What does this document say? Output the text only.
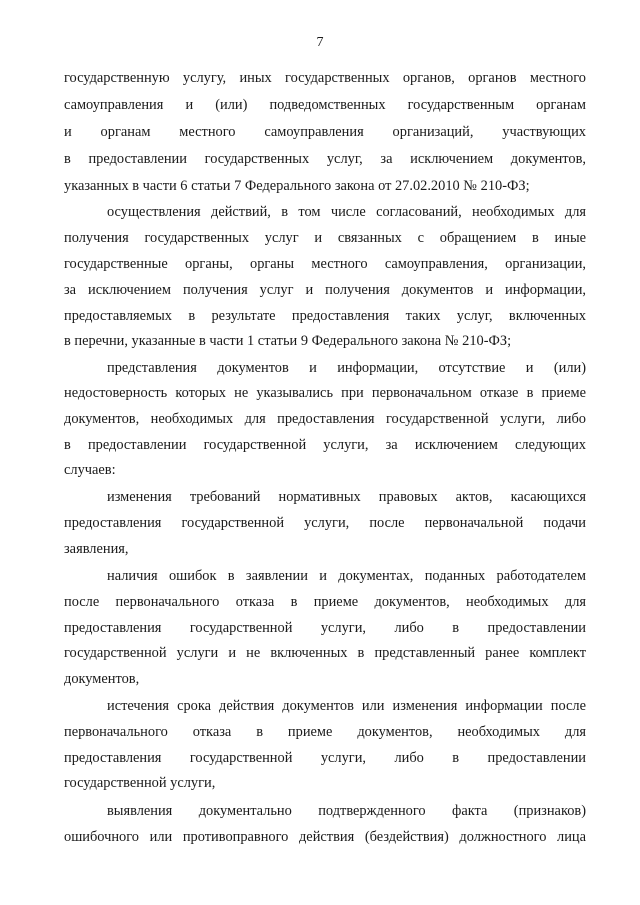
7
государственную услугу, иных государственных органов, органов местного
самоуправления и (или) подведомственных государственным органам
и органам местного самоуправления организаций, участвующих
в предоставлении государственных услуг, за исключением документов,
указанных в части 6 статьи 7 Федерального закона от 27.02.2010 № 210-ФЗ;
осуществления действий, в том числе согласований, необходимых для
получения государственных услуг и связанных с обращением в иные
государственные органы, органы местного самоуправления, организации,
за исключением получения услуг и получения документов и информации,
предоставляемых в результате предоставления таких услуг, включенных
в перечни, указанные в части 1 статьи 9 Федерального закона № 210-ФЗ;
представления документов и информации, отсутствие и (или)
недостоверность которых не указывались при первоначальном отказе в приеме
документов, необходимых для предоставления государственной услуги, либо
в предоставлении государственной услуги, за исключением следующих
случаев:
изменения требований нормативных правовых актов, касающихся
предоставления государственной услуги, после первоначальной подачи
заявления,
наличия ошибок в заявлении и документах, поданных работодателем
после первоначального отказа в приеме документов, необходимых для
предоставления государственной услуги, либо в предоставлении
государственной услуги и не включенных в представленный ранее комплект
документов,
истечения срока действия документов или изменения информации после
первоначального отказа в приеме документов, необходимых для
предоставления государственной услуги, либо в предоставлении
государственной услуги,
выявления документально подтвержденного факта (признаков)
ошибочного или противоправного действия (бездействия) должностного лица
